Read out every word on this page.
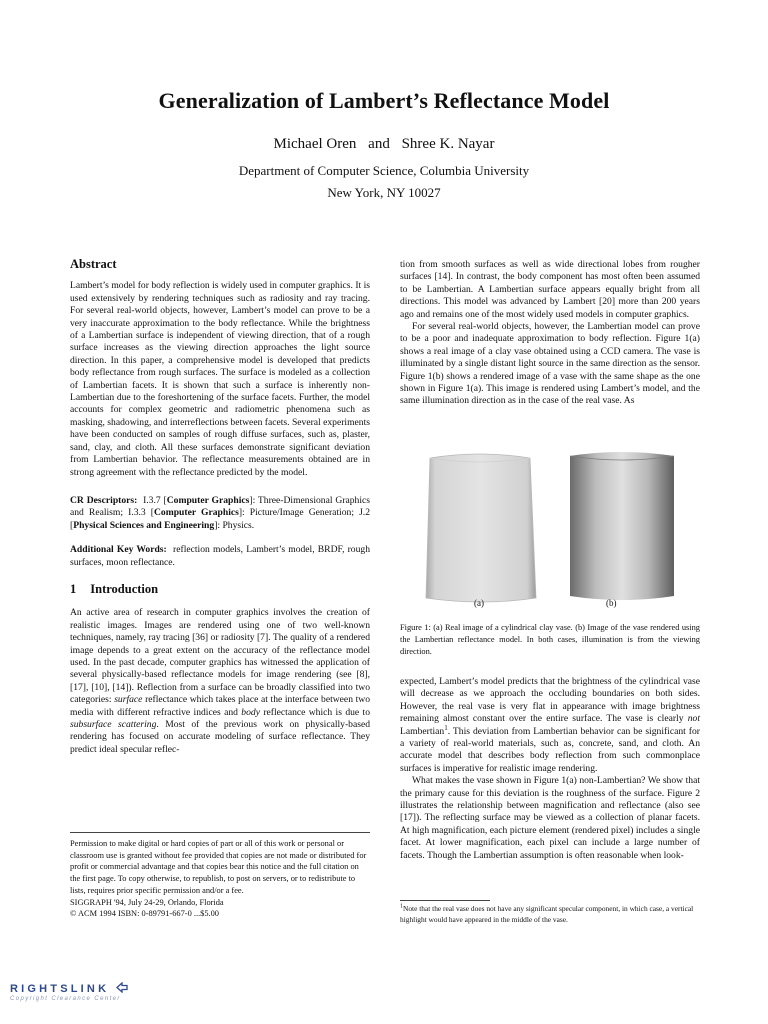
Generalization of Lambert’s Reflectance Model
Michael Oren and Shree K. Nayar
Department of Computer Science, Columbia University
New York, NY 10027
Abstract

Lambert’s model for body reflection is widely used in computer graphics. It is used extensively by rendering techniques such as radiosity and ray tracing. For several real-world objects, however, Lambert’s model can prove to be a very inaccurate approximation to the body reflectance. While the brightness of a Lambertian surface is independent of viewing direction, that of a rough surface increases as the viewing direction approaches the light source direction. In this paper, a comprehensive model is developed that predicts body reflectance from rough surfaces. The surface is modeled as a collection of Lambertian facets. It is shown that such a surface is inherently non-Lambertian due to the foreshortening of the surface facets. Further, the model accounts for complex geometric and radiometric phenomena such as masking, shadowing, and interreflections between facets. Several experiments have been conducted on samples of rough diffuse surfaces, such as, plaster, sand, clay, and cloth. All these surfaces demonstrate significant deviation from Lambertian behavior. The reflectance measurements obtained are in strong agreement with the reflectance predicted by the model.

CR Descriptors: I.3.7 [Computer Graphics]: Three-Dimensional Graphics and Realism; I.3.3 [Computer Graphics]: Picture/Image Generation; J.2 [Physical Sciences and Engineering]: Physics.

Additional Key Words: reflection models, Lambert’s model, BRDF, rough surfaces, moon reflectance.

1 Introduction

An active area of research in computer graphics involves the creation of realistic images. Images are rendered using one of two well-known techniques, namely, ray tracing [36] or radiosity [7]. The quality of a rendered image depends to a great extent on the accuracy of the reflectance model used. In the past decade, computer graphics has witnessed the application of several physically-based reflectance models for image rendering (see [8], [17], [10], [14]). Reflection from a surface can be broadly classified into two categories: surface reflectance which takes place at the interface between two media with different refractive indices and body reflectance which is due to subsurface scattering. Most of the previous work on physically-based rendering has focused on accurate modeling of surface reflectance. They predict ideal specular reflec-

Permission to make digital or hard copies of part or all of this work or personal or classroom use is granted without fee provided that copies are not made or distributed for profit or commercial advantage and that copies bear this notice and the full citation on the first page. To copy otherwise, to republish, to post on servers, or to redistribute to lists, requires prior specific permission and/or a fee.
SIGGRAPH '94, July 24-29, Orlando, Florida
© ACM 1994 ISBN: 0-89791-667-0 ...$5.00

tion from smooth surfaces as well as wide directional lobes from rougher surfaces [14]. In contrast, the body component has most often been assumed to be Lambertian. A Lambertian surface appears equally bright from all directions. This model was advanced by Lambert [20] more than 200 years ago and remains one of the most widely used models in computer graphics.

For several real-world objects, however, the Lambertian model can prove to be a poor and inadequate approximation to body reflection. Figure 1(a) shows a real image of a clay vase obtained using a CCD camera. The vase is illuminated by a single distant light source in the same direction as the sensor. Figure 1(b) shows a rendered image of a vase with the same shape as the one shown in Figure 1(a). This image is rendered using Lambert’s model, and the same illumination direction as in the case of the real vase. As

(a)	(b)
Figure 1: (a) Real image of a cylindrical clay vase. (b) Image of the vase rendered using the Lambertian reflectance model. In both cases, illumination is from the viewing direction.

expected, Lambert’s model predicts that the brightness of the cylindrical vase will decrease as we approach the occluding boundaries on both sides. However, the real vase is very flat in appearance with image brightness remaining almost constant over the entire surface. The vase is clearly not Lambertian$^1$. This deviation from Lambertian behavior can be significant for a variety of real-world materials, such as, concrete, sand, and cloth. An accurate model that describes body reflection from such commonplace surfaces is imperative for realistic image rendering.

What makes the vase shown in Figure 1(a) non-Lambertian? We show that the primary cause for this deviation is the roughness of the surface. Figure 2 illustrates the relationship between magnification and reflectance (also see [17]). The reflecting surface may be viewed as a collection of planar facets. At high magnification, each picture element (rendered pixel) includes a single facet. At lower magnification, each pixel can include a large number of facets. Though the Lambertian assumption is often reasonable when look-

$^1$Note that the real vase does not have any significant specular component, in which case, a vertical highlight would have appeared in the middle of the vase.
RIGHTSLINK
Copyright Clearance Center
